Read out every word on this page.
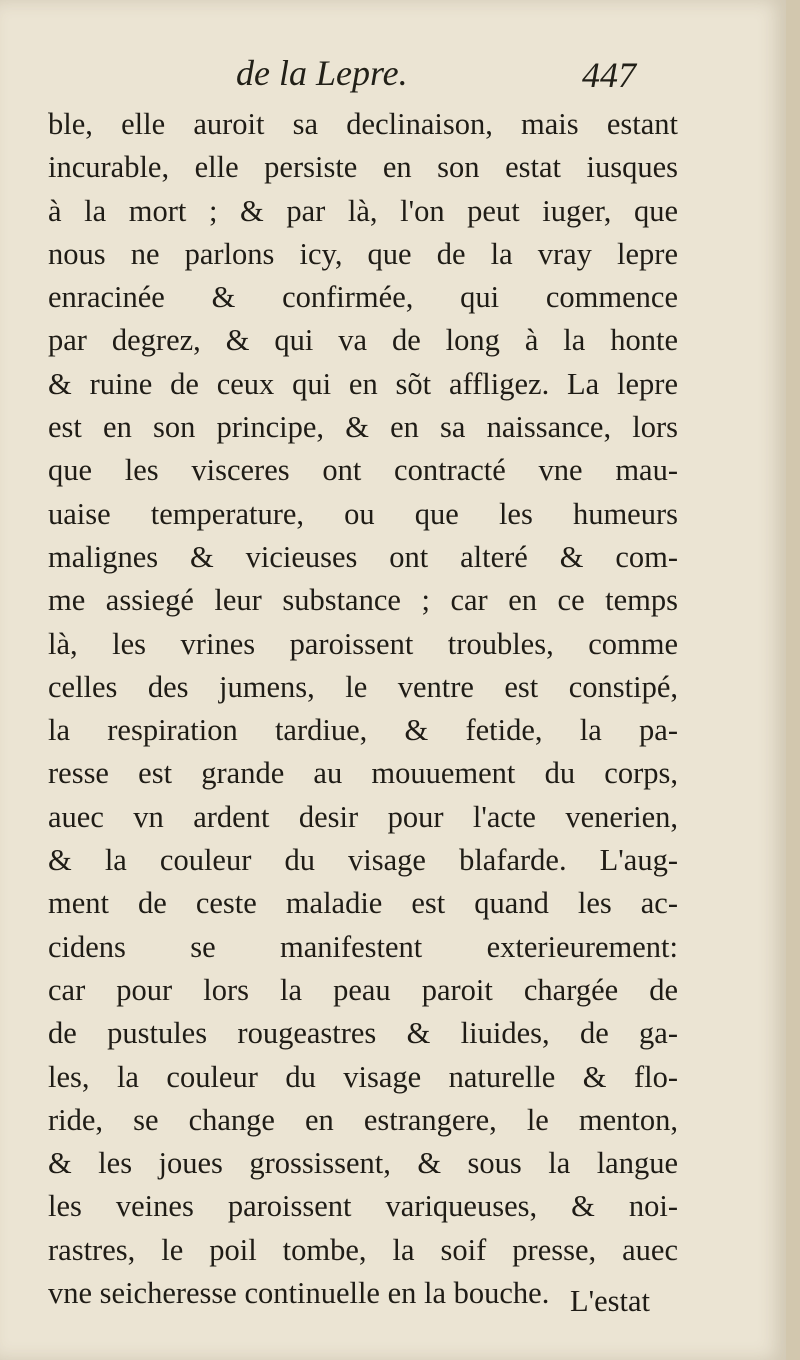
de la Lepre.	447
ble, elle auroit sa declinaison, mais estant
incurable, elle persiste en son estat iusques
à la mort ; & par là, l'on peut iuger, que
nous ne parlons icy, que de la vray lepre
enracinée & confirmée, qui commence
par degrez, & qui va de long à la honte
& ruine de ceux qui en sõt affligez. La lepre
est en son principe, & en sa naissance, lors
que les visceres ont contracté vne mau-
uaise temperature, ou que les humeurs
malignes & vicieuses ont alteré & com-
me assiegé leur substance ; car en ce temps
là, les vrines paroissent troubles, comme
celles des jumens, le ventre est constipé,
la respiration tardiue, & fetide, la pa-
resse est grande au mouuement du corps,
auec vn ardent desir pour l'acte venerien,
& la couleur du visage blafarde. L'aug-
ment de ceste maladie est quand les ac-
cidens se manifestent exterieurement:
car pour lors la peau paroit chargée de
de pustules rougeastres & liuides, de ga-
les, la couleur du visage naturelle & flo-
ride, se change en estrangere, le menton,
& les joues grossissent, & sous la langue
les veines paroissent variqueuses, & noi-
rastres, le poil tombe, la soif presse, auec
vne seicheresse continuelle en la bouche. L'estat
